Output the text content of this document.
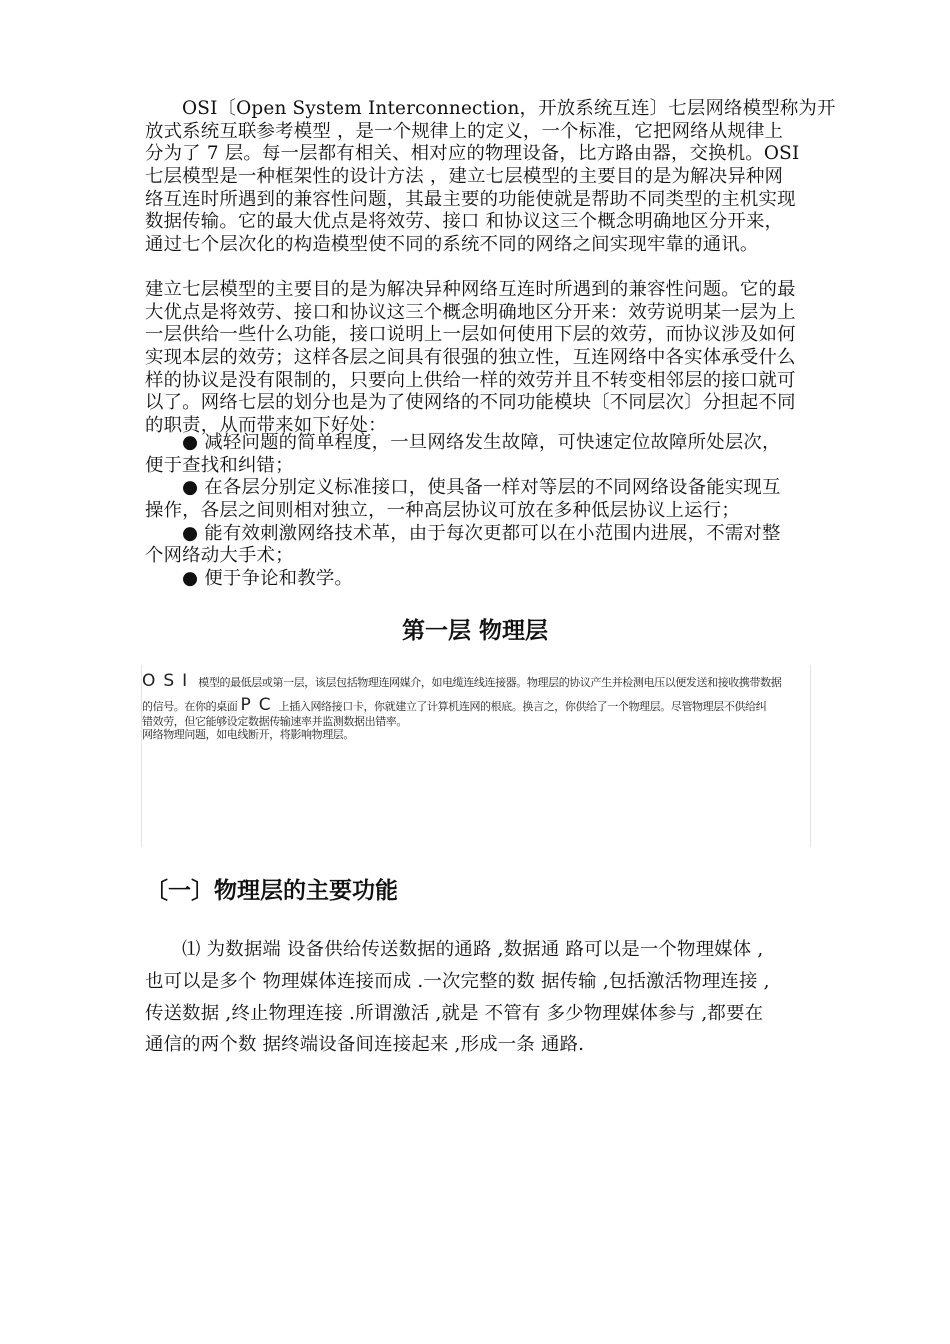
OSI〔Open System Interconnection，开放系统互连〕七层网络模型称为开
放式系统互联参考模型 ，是一个规律上的定义，一个标准，它把网络从规律上
分为了 7 层。每一层都有相关、相对应的物理设备，比方路由器，交换机。OSI
七层模型是一种框架性的设计方法 ，建立七层模型的主要目的是为解决异种网
络互连时所遇到的兼容性问题，其最主要的功能使就是帮助不同类型的主机实现
数据传输。它的最大优点是将效劳、接口 和协议这三个概念明确地区分开来，
通过七个层次化的构造模型使不同的系统不同的网络之间实现牢靠的通讯。
建立七层模型的主要目的是为解决异种网络互连时所遇到的兼容性问题。它的最
大优点是将效劳、接口和协议这三个概念明确地区分开来：效劳说明某一层为上
一层供给一些什么功能，接口说明上一层如何使用下层的效劳，而协议涉及如何
实现本层的效劳；这样各层之间具有很强的独立性，互连网络中各实体承受什么
样的协议是没有限制的，只要向上供给一样的效劳并且不转变相邻层的接口就可
以了。网络七层的划分也是为了使网络的不同功能模块〔不同层次〕分担起不同
的职责，从而带来如下好处：
● 减轻问题的简单程度，一旦网络发生故障，可快速定位故障所处层次，
便于查找和纠错；
● 在各层分别定义标准接口，使具备一样对等层的不同网络设备能实现互
操作，各层之间则相对独立，一种高层协议可放在多种低层协议上运行；
● 能有效刺激网络技术革，由于每次更都可以在小范围内进展，不需对整
个网络动大手术；
● 便于争论和教学。
第一层 物理层
OSI 模型的最低层或第一层，该层包括物理连网媒介，如电缆连线连接器。物理层的协议产生并检测电压以便发送和接收携带数据
的信号。在你的桌面 PC上插入网络接口卡，你就建立了计算机连网的根底。换言之，你供给了一个物理层。尽管物理层不供给纠
错效劳，但它能够设定数据传输速率并监测数据出错率。
网络物理问题，如电线断开，将影响物理层。
〔一〕物理层的主要功能
⑴ 为数据端 设备供给传送数据的通路 ,数据通 路可以是一个物理媒体 ,
也可以是多个 物理媒体连接而成 .一次完整的数 据传输 ,包括激活物理连接 ,
传送数据 ,终止物理连接 .所谓激活 ,就是 不管有 多少物理媒体参与 ,都要在
通信的两个数 据终端设备间连接起来 ,形成一条 通路.
